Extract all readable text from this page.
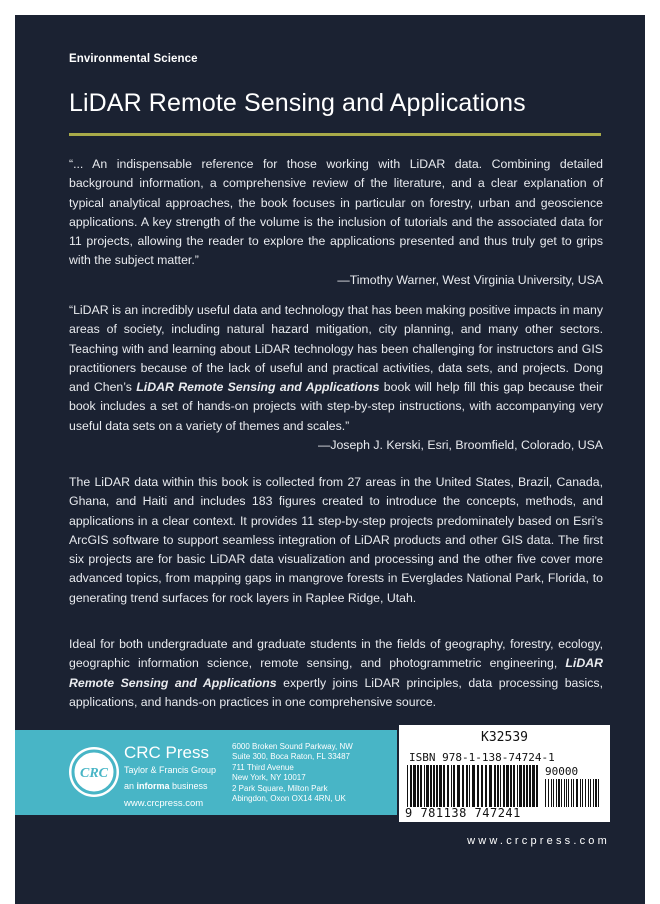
Environmental Science
LiDAR Remote Sensing and Applications

“... An indispensable reference for those working with LiDAR data. Combining detailed background information, a comprehensive review of the literature, and a clear explanation of typical analytical approaches, the book focuses in particular on forestry, urban and geoscience applications. A key strength of the volume is the inclusion of tutorials and the associated data for 11 projects, allowing the reader to explore the applications presented and thus truly get to grips with the subject matter.”

—Timothy Warner, West Virginia University, USA

“LiDAR is an incredibly useful data and technology that has been making positive impacts in many areas of society, including natural hazard mitigation, city planning, and many other sectors. Teaching with and learning about LiDAR technology has been challenging for instructors and GIS practitioners because of the lack of useful and practical activities, data sets, and projects. Dong and Chen’s LiDAR Remote Sensing and Applications book will help fill this gap because their book includes a set of hands-on projects with step-by-step instructions, with accompanying very useful data sets on a variety of themes and scales.”

—Joseph J. Kerski, Esri, Broomfield, Colorado, USA

The LiDAR data within this book is collected from 27 areas in the United States, Brazil, Canada, Ghana, and Haiti and includes 183 figures created to introduce the concepts, methods, and applications in a clear context. It provides 11 step-by-step projects predominately based on Esri’s ArcGIS software to support seamless integration of LiDAR products and other GIS data. The first six projects are for basic LiDAR data visualization and processing and the other five cover more advanced topics, from mapping gaps in mangrove forests in Everglades National Park, Florida, to generating trend surfaces for rock layers in Raplee Ridge, Utah.

Ideal for both undergraduate and graduate students in the fields of geography, forestry, ecology, geographic information science, remote sensing, and photogrammetric engineering, LiDAR Remote Sensing and Applications expertly joins LiDAR principles, data processing basics, applications, and hands-on practices in one comprehensive source.

CRC
CRC Press
Taylor & Francis Group
an informa business
www.crcpress.com
6000 Broken Sound Parkway, NW
Suite 300, Boca Raton, FL 33487
711 Third Avenue
New York, NY 10017
2 Park Square, Milton Park
Abingdon, Oxon OX14 4RN, UK
K32539
ISBN 978-1-138-74724-1
90000
9 781138 747241
www.crcpress.com
